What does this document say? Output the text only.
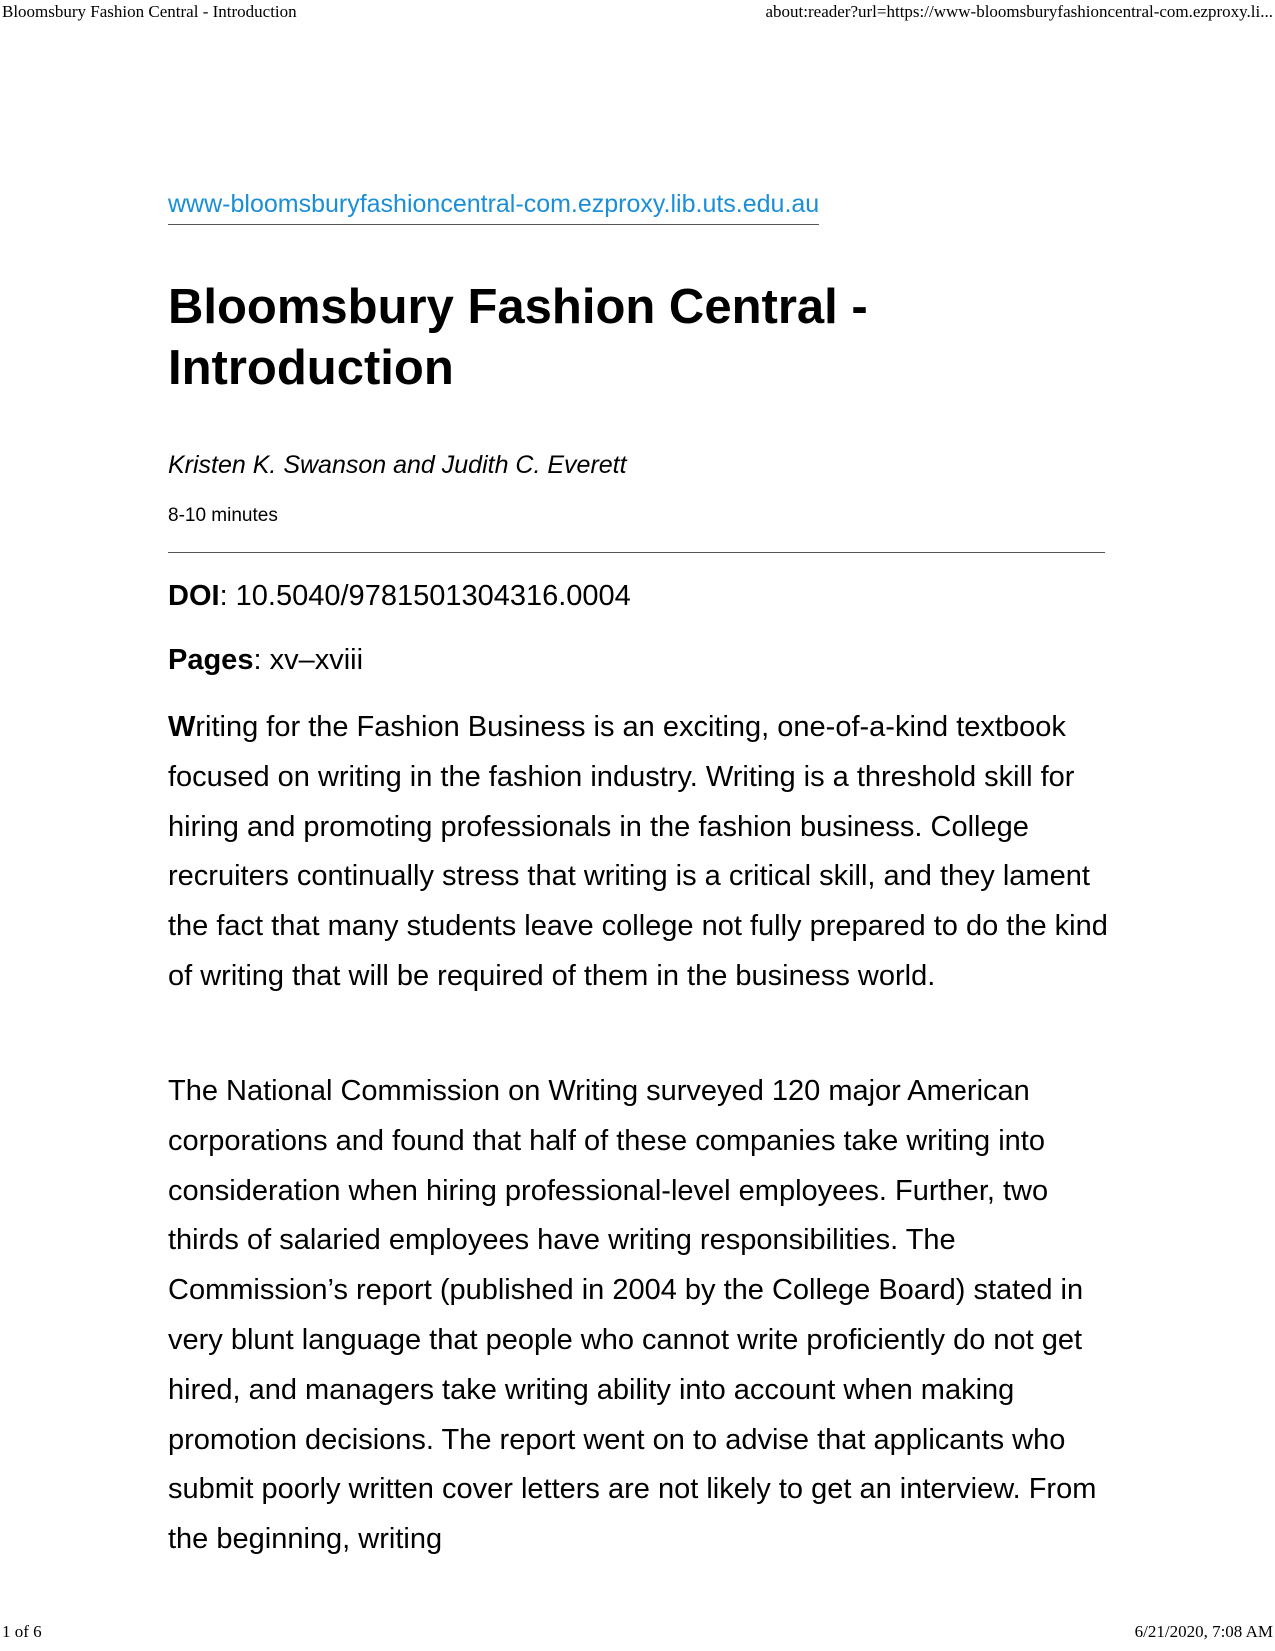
Bloomsbury Fashion Central - Introduction	about:reader?url=https://www-bloomsburyfashioncentral-com.ezproxy.li...
www-bloomsburyfashioncentral-com.ezproxy.lib.uts.edu.au
Bloomsbury Fashion Central - Introduction
Kristen K. Swanson and Judith C. Everett
8-10 minutes
DOI: 10.5040/9781501304316.0004
Pages: xv–xviii

Writing for the Fashion Business is an exciting, one-of-a-kind textbook focused on writing in the fashion industry. Writing is a threshold skill for hiring and promoting professionals in the fashion business. College recruiters continually stress that writing is a critical skill, and they lament the fact that many students leave college not fully prepared to do the kind of writing that will be required of them in the business world.

The National Commission on Writing surveyed 120 major American corporations and found that half of these companies take writing into consideration when hiring professional-level employees. Further, two thirds of salaried employees have writing responsibilities. The Commission’s report (published in 2004 by the College Board) stated in very blunt language that people who cannot write proficiently do not get hired, and managers take writing ability into account when making promotion decisions. The report went on to advise that applicants who submit poorly written cover letters are not likely to get an interview. From the beginning, writing

1 of 6	6/21/2020, 7:08 AM
